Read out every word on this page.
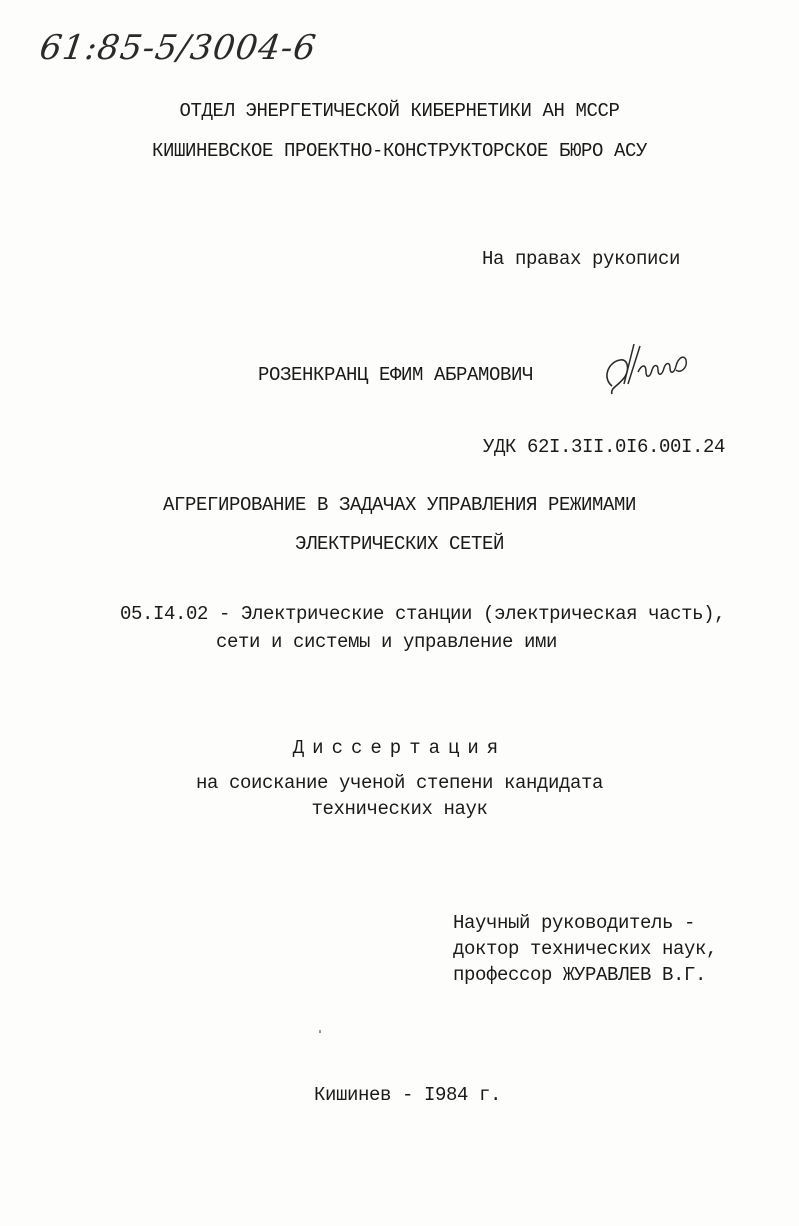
61:85-5/3004-6
ОТДЕЛ ЭНЕРГЕТИЧЕСКОЙ КИБЕРНЕТИКИ АН МССР
КИШИНЕВСКОЕ ПРОЕКТНО-КОНСТРУКТОРСКОЕ БЮРО АСУ
На правах рукописи
РОЗЕНКРАНЦ ЕФИМ АБРАМОВИЧ
УДК 62I.3II.0I6.00I.24
АГРЕГИРОВАНИЕ В ЗАДАЧАХ УПРАВЛЕНИЯ РЕЖИМАМИ
ЭЛЕКТРИЧЕСКИХ СЕТЕЙ
05.I4.02 - Электрические станции (электрическая часть),
сети и системы и управление ими
Диссертация
на соискание ученой степени кандидата
технических наук
Научный руководитель -
доктор технических наук,
профессор ЖУРАВЛЕВ В.Г.
Кишинев - I984 г.
